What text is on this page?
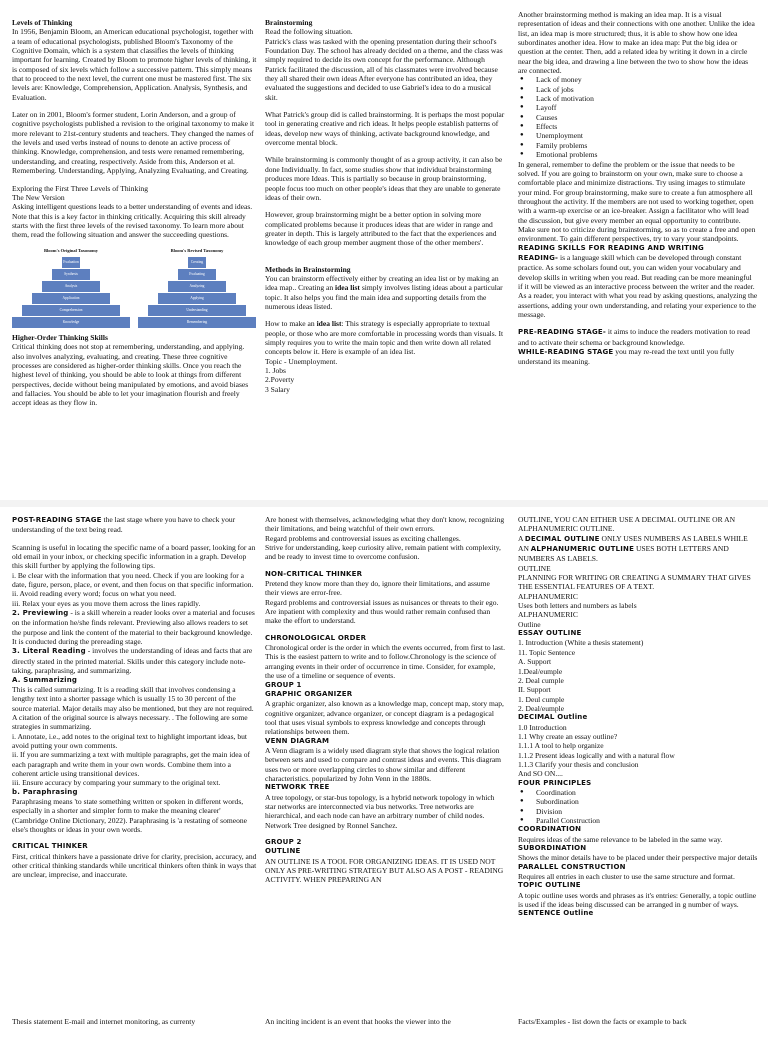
Levels of Thinking

In 1956, Benjamin Bloom, an American educational psychologist, together with a team of educational psychologists, published Bloom's Taxonomy of the Cognitive Domain, which is a system that classifies the levels of thinking important for learning. Created by Bloom to promote higher levels of thinking, it is composed of six levels which follow a successive pattern. This simply means that to proceed to the next level, the current one must be mastered first. The six levels are: Knowledge, Comprehension, Application. Analysis, Synthesis, and Evaluation.

Later on in 2001, Bloom's former student, Lorin Anderson, and a group of cognitive psychologists published a revision to the original taxonomy to make it more relevant to 21st-century students and teachers. They changed the names of the levels and used verbs instead of nouns to denote an active process of thinking. Knowledge, comprehension, and tests were renamed remembering, understanding, and creating, respectively. Aside from this, Anderson et al. Remembering. Understanding, Applying, Analyzing Evaluating, and Creating.

Exploring the First Three Levels of Thinking
The New Version

Asking intelligent questions leads to a better understanding of events and ideas. Note that this is a key factor in thinking critically. Acquiring this skill already starts with the first three levels of the revised taxonomy. To learn more about them, read the following situation and answer the succeeding questions.

Bloom's Original Taxonomy
Evaluation
Synthesis
Analysis
Application
Comprehension
Knowledge
Bloom's Revised Taxonomy
Creating
Evaluating
Analyzing
Applying
Understanding
Remembering
Higher-Order Thinking Skills

Critical thinking does not stop at remembering, understanding, and applying. also involves analyzing, evaluating, and creating. These three cognitive processes are considered as higher-order thinking skills. Once you reach the highest level of thinking, you should be able to look at things from different perspectives, decide without being manipulated by emotions, and avoid biases and fallacies. You should be able to let your imagination flourish and freely accept ideas as they flow in.

Brainstorming
Read the following situation.

Patrick's class was tasked with the opening presentation during their school's Foundation Day. The school has already decided on a theme, and the class was simply required to decide its own concept for the performance. Although Patrick facilitated the discussion, all of his classmates were involved because they all shared their own ideas After everyone has contributed an idea, they evaluated the suggestions and decided to use Gabriel's idea to do a musical skit.

What Patrick's group did is called brainstorming. It is perhaps the most popular tool in generating creative and rich ideas. It helps people establish patterns of ideas, develop new ways of thinking, activate background knowledge, and overcome mental block.

While brainstorming is commonly thought of as a group activity, it can also be done Individually. In fact, some studies show that individual brainstorming produces more Ideas. This is partially so because in group brainstorming, people focus too much on other people's ideas that they are unable to generate ideas of their own.

However, group brainstorming might be a better option in solving more complicated problems because it produces ideas that are wider in range and greater in depth. This is largely attributed to the fact that the experiences and knowledge of each group member augment those of the other members'.

Methods in Brainstorming

You can brainstorm effectively either by creating an idea list or by making an idea map.. Creating an idea list simply involves listing ideas about a particular topic. It also helps you find the main idea and supporting details from the numerous ideas listed.

How to make an idea list: This strategy is especially appropriate to textual people, or those who are more comfortable in processing words than visuals. It simply requires you to write the main topic and then write down all related concepts below it. Here is example of an idea list.
Topic - Unemployment.
1. Jobs
2.Poverty
3 Salary
Another brainstorming method is making an idea map. It is a visual representation of ideas and their connections with one another. Unlike the idea list, an idea map is more structured; thus, it is able to show how one idea subordinates another idea. How to make an idea map: Put the big idea or question at the center. Then, add a related idea by writing it down in a circle near the big idea, and drawing a line between the two to show how the ideas are connected.
● Lack of money
● Lack of jobs
● Lack of motivation
● Layoff
● Causes
● Effects
● Unemployment
● Family problems
● Emotional problems
In general, remember to define the problem or the issue that needs to be solved. If you are going to brainstorm on your own, make sure to choose a comfortable place and minimize distractions. Try using images to stimulate your mind. For group brainstorming, make sure to create a fun atmosphere all throughout the activity. If the members are not used to working together, open with a warm-up exercise or an ice-breaker. Assign a facilitator who will lead the discussion, but give every member an equal opportunity to contribute. Make sure not to criticize during brainstorming, so as to create a free and open environment. To gain different perspectives, try to vary your standpoints.
READING SKILLS FOR READING AND WRITING

READING- is a language skill which can be developed through constant practice. As some scholars found out, you can widen your vocabulary and develop skills in writing when you read. But reading can be more meaningful if it will be viewed as an interactive process between the writer and the reader. As a reader, you interact with what you read by asking questions, analyzing the assertions, adding your own understanding, and relating your experience to the message.

PRE-READING STAGE- it aims to induce the readers motivation to read and to activate their schema or background knowledge.
WHILE-READING STAGE you may re-read the text until you fully understand its meaning.

POST-READING STAGE the last stage where you have to check your understanding of the text being read.

Scanning is useful in locating the specific name of a board passer, looking for an old email in your inbox, or checking specific information in a graph. Develop this skill further by applying the following tips.
i. Be clear with the information that you need. Check if you are looking for a date, figure, person, place, or event, and then focus on that specific information.
ii. Avoid reading every word; focus on what you need.
iii. Relax your eyes as you move them across the lines rapidly.
2. Previewing - is a skill wherein a reader looks over a material and focuses on the information he/she finds relevant. Previewing also allows readers to set the purpose and link the content of the material to their background knowledge. It is conducted during the prereading stage.
3. Literal Reading - involves the understanding of ideas and facts that are directly stated in the printed material. Skills under this category include note-taking, paraphrasing, and summarizing.
A. Summarizing
This is called summarizing. It is a reading skill that involves condensing a lengthy text into a shorter passage which is usually 15 to 30 percent of the source material. Major details may also be mentioned, but they are not required. A citation of the original source is always necessary. . The following are some strategies in summarizing.
i. Annotate, i.e., add notes to the original text to highlight important ideas, but avoid putting your own comments.
ii. If you are summarizing a text with multiple paragraphs, get the main idea of each paragraph and write them in your own words. Combine them into a coherent article using transitional devices.
iii. Ensure accuracy by comparing your summary to the original text.
b. Paraphrasing

Paraphrasing means 'to state something written or spoken in different words, especially in a shorter and simpler form to make the meaning clearer' (Cambridge Online Dictionary, 2022). Paraphrasing is 'a restating of someone else's thoughts or ideas in your own words.

CRITICAL THINKER
First, critical thinkers have a passionate drive for clarity, precision, accuracy, and other critical thinking standards while uncritical thinkers often think in ways that are unclear, imprecise, and inaccurate.
Are honest with themselves, acknowledging what they don't know, recognizing their limitations, and being watchful of their own errors.
Regard problems and controversial issues as exciting challenges.

Strive for understanding, keep curiosity alive, remain patient with complexity, and be ready to invest time to overcome confusion.

NON-CRITICAL THINKER
Pretend they know more than they do, ignore their limitations, and assume their views are error-free.
Regard problems and controversial issues as nuisances or threats to their ego.

Are inpatient with complexity and thus would rather remain confused than make the effort to understand.

CHRONOLOGICAL ORDER
Chronological order is the order in which the events occurred, from first to last. This is the easiest pattern to write and to follow.Chronology is the science of arranging events in their order of occurrence in time. Consider, for example, the use of a timeline or sequence of events.
GROUP 1
GRAPHIC ORGANIZER
A graphic organizer, also known as a knowledge map, concept map, story map, cognitive organizer, advance organizer, or concept diagram is a pedagogical tool that uses visual symbols to express knowledge and concepts through relationships between them.
VENN DIAGRAM
A Venn diagram is a widely used diagram style that shows the logical relation between sets and used to compare and contrast ideas and events. This diagram uses two or more overlapping circles to show similar and different characteristics. popularized by John Venn in the 1880s.
NETWORK TREE

A tree topology, or star-bus topology, is a hybrid network topology in which star networks are interconnected via bus networks. Tree networks are hierarchical, and each node can have an arbitrary number of child nodes. Network Tree designed by Ronnel Sanchez.

GROUP 2
OUTLINE
AN OUTLINE IS A TOOL FOR ORGANIZING IDEAS. IT IS USED NOT ONLY AS PRE-WRITING STRATEGY BUT ALSO AS A POST - READING ACTIVITY. WHEN PREPARING AN
OUTLINE, YOU CAN EITHER USE A DECIMAL OUTLINE OR AN ALPHANUMERIC OUTLINE.
A DECIMAL OUTLINE ONLY USES NUMBERS AS LABELS WHILE AN ALPHANUMERIC OUTLINE USES BOTH LETTERS AND NUMBERS AS LABELS.
OUTLINE
PLANNING FOR WRITING OR CREATING A SUMMARY THAT GIVES THE ESSENTIAL FEATURES OF A TEXT.
ALPHANUMERIC
Uses both letters and numbers as labels
ALPHANUMERIC
Outline
ESSAY OUTLINE
1. Introduction (White a thesis statement)
11. Topic Sentence
A. Support
1.Deal/eumple
2. Deal cumple
II. Support
1. Deul cumple
2. Deal/eumple
DECIMAL Outline
1.0 Introduction
1.1 Why create an essay outline?
1.1.1 A tool to help organize
1.1.2 Present ideas logically and with a natural flow
1.1.3 Clarify your thesis and conclusion
And SO ON....
FOUR PRINCIPLES
● Coordination
● Subordination
● Division
● Parallel Construction
COORDINATION
Requires ideas of the same relevance to be labeled in the same way.
SUBORDINATION
Shows the minor details have to be placed under their perspective major details
PARALLEL CONSTRUCTION
Requires all entries in each cluster to use the same structure and format.
TOPIC OUTLINE
A topic outline uses words and phrases as it's entries: Generally, a topic outline is used if the ideas being discussed can be arranged in g number of ways.
SENTENCE Outline
Thesis statement E-mail and internet monitoring, as currenty	An inciting incident is an event that hooks the viewer into the	Facts/Examples - list down the facts or example to back
